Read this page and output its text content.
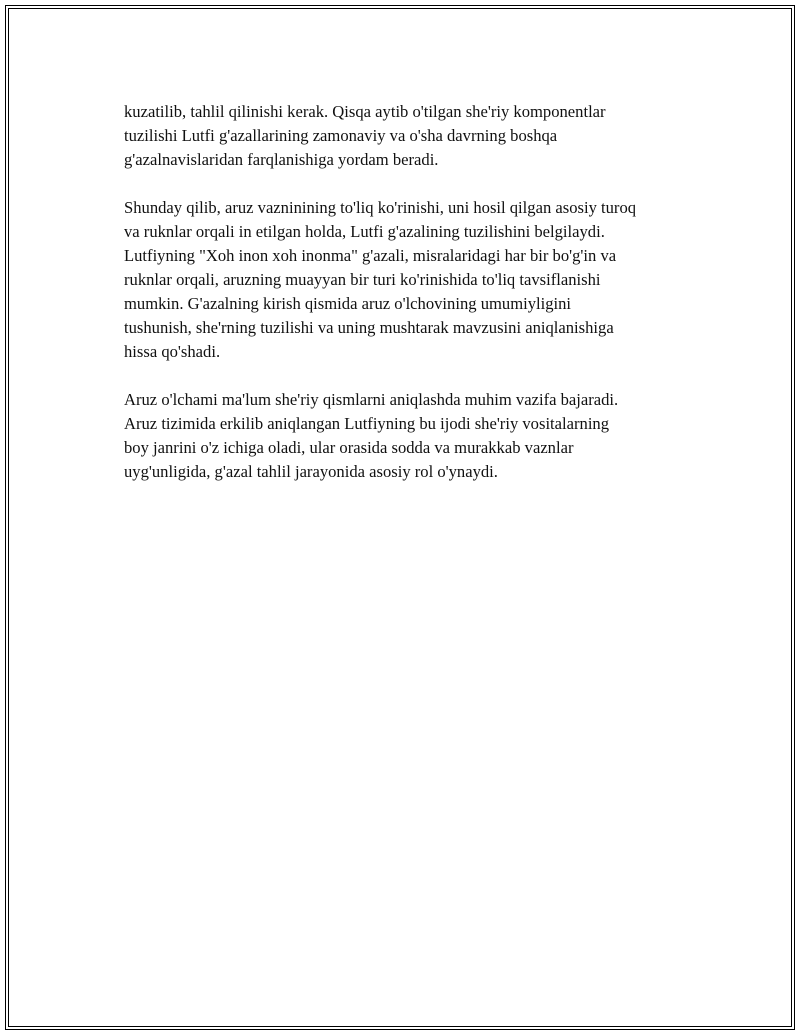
kuzatilib, tahlil qilinishi kerak. Qisqa aytib o'tilgan she'riy komponentlar
tuzilishi Lutfi g'azallarining zamonaviy va o'sha davrning boshqa
g'azalnavislaridan farqlanishiga yordam beradi.

Shunday qilib, aruz vazninining to'liq ko'rinishi, uni hosil qilgan asosiy turoq
va ruknlar orqali in etilgan holda, Lutfi g'azalining tuzilishini belgilaydi.
Lutfiyning "Xoh inon xoh inonma" g'azali, misralaridagi har bir bo'g'in va
ruknlar orqali, aruzning muayyan bir turi ko'rinishida to'liq tavsiflanishi
mumkin. G'azalning kirish qismida aruz o'lchovining umumiyligini
tushunish, she'rning tuzilishi va uning mushtarak mavzusini aniqlanishiga
hissa qo'shadi.

Aruz o'lchami ma'lum she'riy qismlarni aniqlashda muhim vazifa bajaradi.
Aruz tizimida erkilib aniqlangan Lutfiyning bu ijodi she'riy vositalarning
boy janrini o'z ichiga oladi, ular orasida sodda va murakkab vaznlar
uyg'unligida, g'azal tahlil jarayonida asosiy rol o'ynaydi.
